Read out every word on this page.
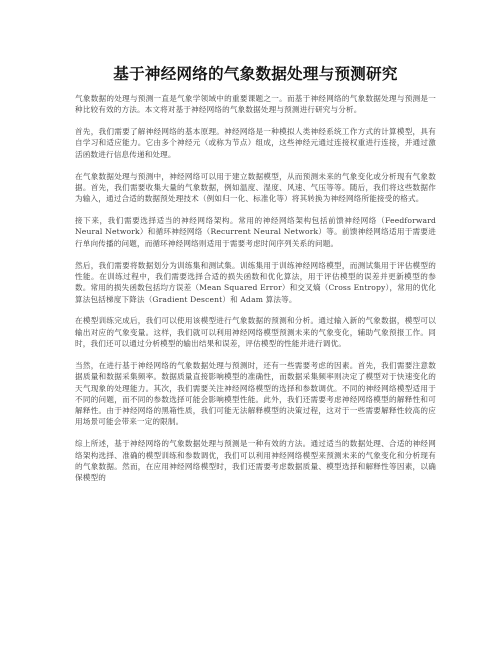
基于神经网络的气象数据处理与预测研究

气象数据的处理与预测一直是气象学领域中的重要课题之一。而基于神经网络的气象数据处理与预测是一种比较有效的方法。本文将对基于神经网络的气象数据处理与预测进行研究与分析。

首先，我们需要了解神经网络的基本原理。神经网络是一种模拟人类神经系统工作方式的计算模型，具有自学习和适应能力。它由多个神经元（或称为节点）组成，这些神经元通过连接权重进行连接，并通过激活函数进行信息传递和处理。

在气象数据处理与预测中，神经网络可以用于建立数据模型，从而预测未来的气象变化或分析现有气象数据。首先，我们需要收集大量的气象数据，例如温度、湿度、风速、气压等等。随后，我们将这些数据作为输入，通过合适的数据预处理技术（例如归一化、标准化等）将其转换为神经网络所能接受的格式。

接下来，我们需要选择适当的神经网络架构。常用的神经网络架构包括前馈神经网络（Feedforward Neural Network）和循环神经网络（Recurrent Neural Network）等。前馈神经网络适用于需要进行单向传播的问题，而循环神经网络则适用于需要考虑时间序列关系的问题。

然后，我们需要将数据划分为训练集和测试集。训练集用于训练神经网络模型，而测试集用于评估模型的性能。在训练过程中，我们需要选择合适的损失函数和优化算法，用于评估模型的误差并更新模型的参数。常用的损失函数包括均方误差（Mean Squared Error）和交叉熵（Cross Entropy），常用的优化算法包括梯度下降法（Gradient Descent）和 Adam 算法等。

在模型训练完成后，我们可以使用该模型进行气象数据的预测和分析。通过输入新的气象数据，模型可以输出对应的气象变量。这样，我们就可以利用神经网络模型预测未来的气象变化，辅助气象预报工作。同时，我们还可以通过分析模型的输出结果和误差，评估模型的性能并进行调优。

当然，在进行基于神经网络的气象数据处理与预测时，还有一些需要考虑的因素。首先，我们需要注意数据质量和数据采集频率。数据质量直接影响模型的准确性，而数据采集频率则决定了模型对于快速变化的天气现象的处理能力。其次，我们需要关注神经网络模型的选择和参数调优。不同的神经网络模型适用于不同的问题，而不同的参数选择可能会影响模型性能。此外，我们还需要考虑神经网络模型的解释性和可解释性。由于神经网络的黑箱性质，我们可能无法解释模型的决策过程，这对于一些需要解释性较高的应用场景可能会带来一定的限制。

综上所述，基于神经网络的气象数据处理与预测是一种有效的方法。通过适当的数据处理、合适的神经网络架构选择、准确的模型训练和参数调优，我们可以利用神经网络模型来预测未来的气象变化和分析现有的气象数据。然而，在应用神经网络模型时，我们还需要考虑数据质量、模型选择和解释性等因素，以确保模型的
